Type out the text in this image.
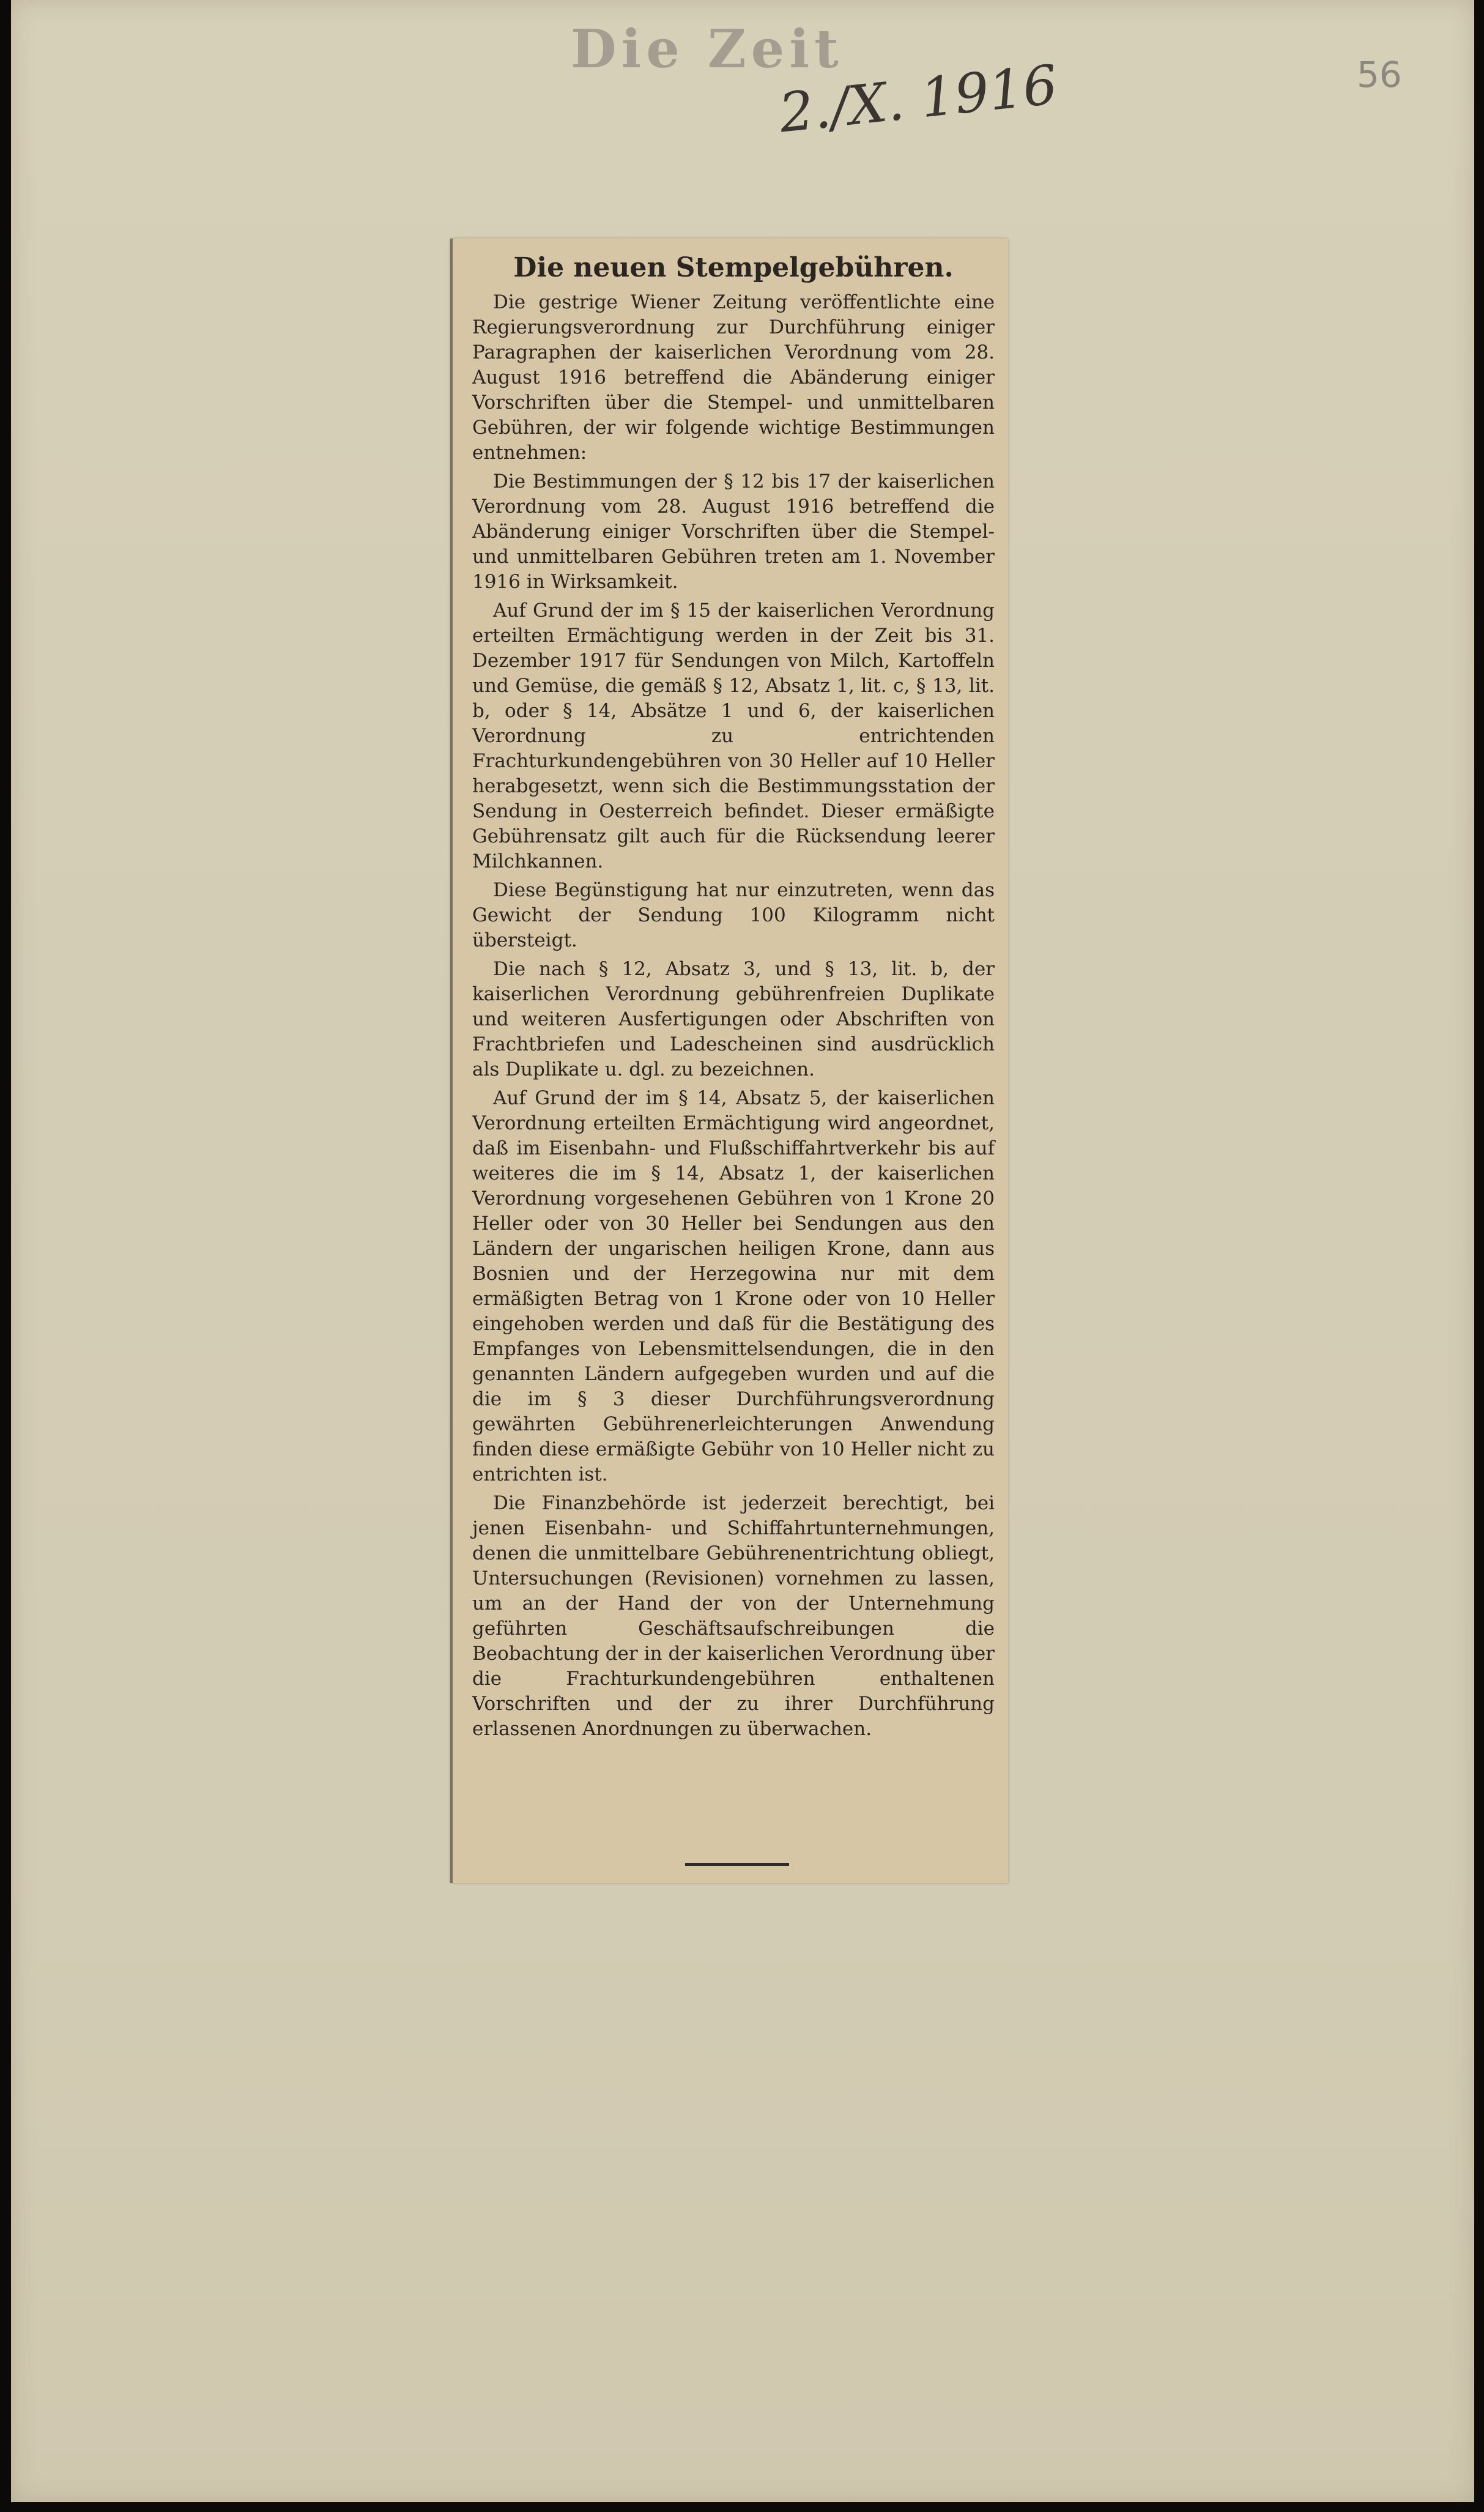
Die Zeit
2./X. 1916	56
Die neuen Stempelgebühren.

Die gestrige Wiener Zeitung veröffentlichte eine Regierungsverordnung zur Durchführung einiger Paragraphen der kaiserlichen Verordnung vom 28. August 1916 betreffend die Abänderung einiger Vorschriften über die Stempel- und unmittelbaren Gebühren, der wir folgende wichtige Bestimmungen entnehmen:

Die Bestimmungen der § 12 bis 17 der kaiserlichen Verordnung vom 28. August 1916 betreffend die Abänderung einiger Vorschriften über die Stempel- und unmittelbaren Gebühren treten am 1. November 1916 in Wirksamkeit.

Auf Grund der im § 15 der kaiserlichen Verordnung erteilten Ermächtigung werden in der Zeit bis 31. Dezember 1917 für Sendungen von Milch, Kartoffeln und Gemüse, die gemäß § 12, Absatz 1, lit. c, § 13, lit. b, oder § 14, Absätze 1 und 6, der kaiserlichen Verordnung zu entrichtenden Frachturkundengebühren von 30 Heller auf 10 Heller herabgesetzt, wenn sich die Bestimmungsstation der Sendung in Oesterreich befindet. Dieser ermäßigte Gebührensatz gilt auch für die Rücksendung leerer Milchkannen.

Diese Begünstigung hat nur einzutreten, wenn das Gewicht der Sendung 100 Kilogramm nicht übersteigt.

Die nach § 12, Absatz 3, und § 13, lit. b, der kaiserlichen Verordnung gebührenfreien Duplikate und weiteren Ausfertigungen oder Abschriften von Frachtbriefen und Ladescheinen sind ausdrücklich als Duplikate u. dgl. zu bezeichnen.

Auf Grund der im § 14, Absatz 5, der kaiserlichen Verordnung erteilten Ermächtigung wird angeordnet, daß im Eisenbahn- und Flußschiffahrtverkehr bis auf weiteres die im § 14, Absatz 1, der kaiserlichen Verordnung vorgesehenen Gebühren von 1 Krone 20 Heller oder von 30 Heller bei Sendungen aus den Ländern der ungarischen heiligen Krone, dann aus Bosnien und der Herzegowina nur mit dem ermäßigten Betrag von 1 Krone oder von 10 Heller eingehoben werden und daß für die Bestätigung des Empfanges von Lebensmittelsendungen, die in den genannten Ländern aufgegeben wurden und auf die die im § 3 dieser Durchführungsverordnung gewährten Gebührenerleichterungen Anwendung finden diese ermäßigte Gebühr von 10 Heller nicht zu entrichten ist.

Die Finanzbehörde ist jederzeit berechtigt, bei jenen Eisenbahn- und Schiffahrtunternehmungen, denen die unmittelbare Gebührenentrichtung obliegt, Untersuchungen (Revisionen) vornehmen zu lassen, um an der Hand der von der Unternehmung geführten Geschäftsaufschreibungen die Beobachtung der in der kaiserlichen Verordnung über die Frachturkundengebühren enthaltenen Vorschriften und der zu ihrer Durchführung erlassenen Anordnungen zu überwachen.
